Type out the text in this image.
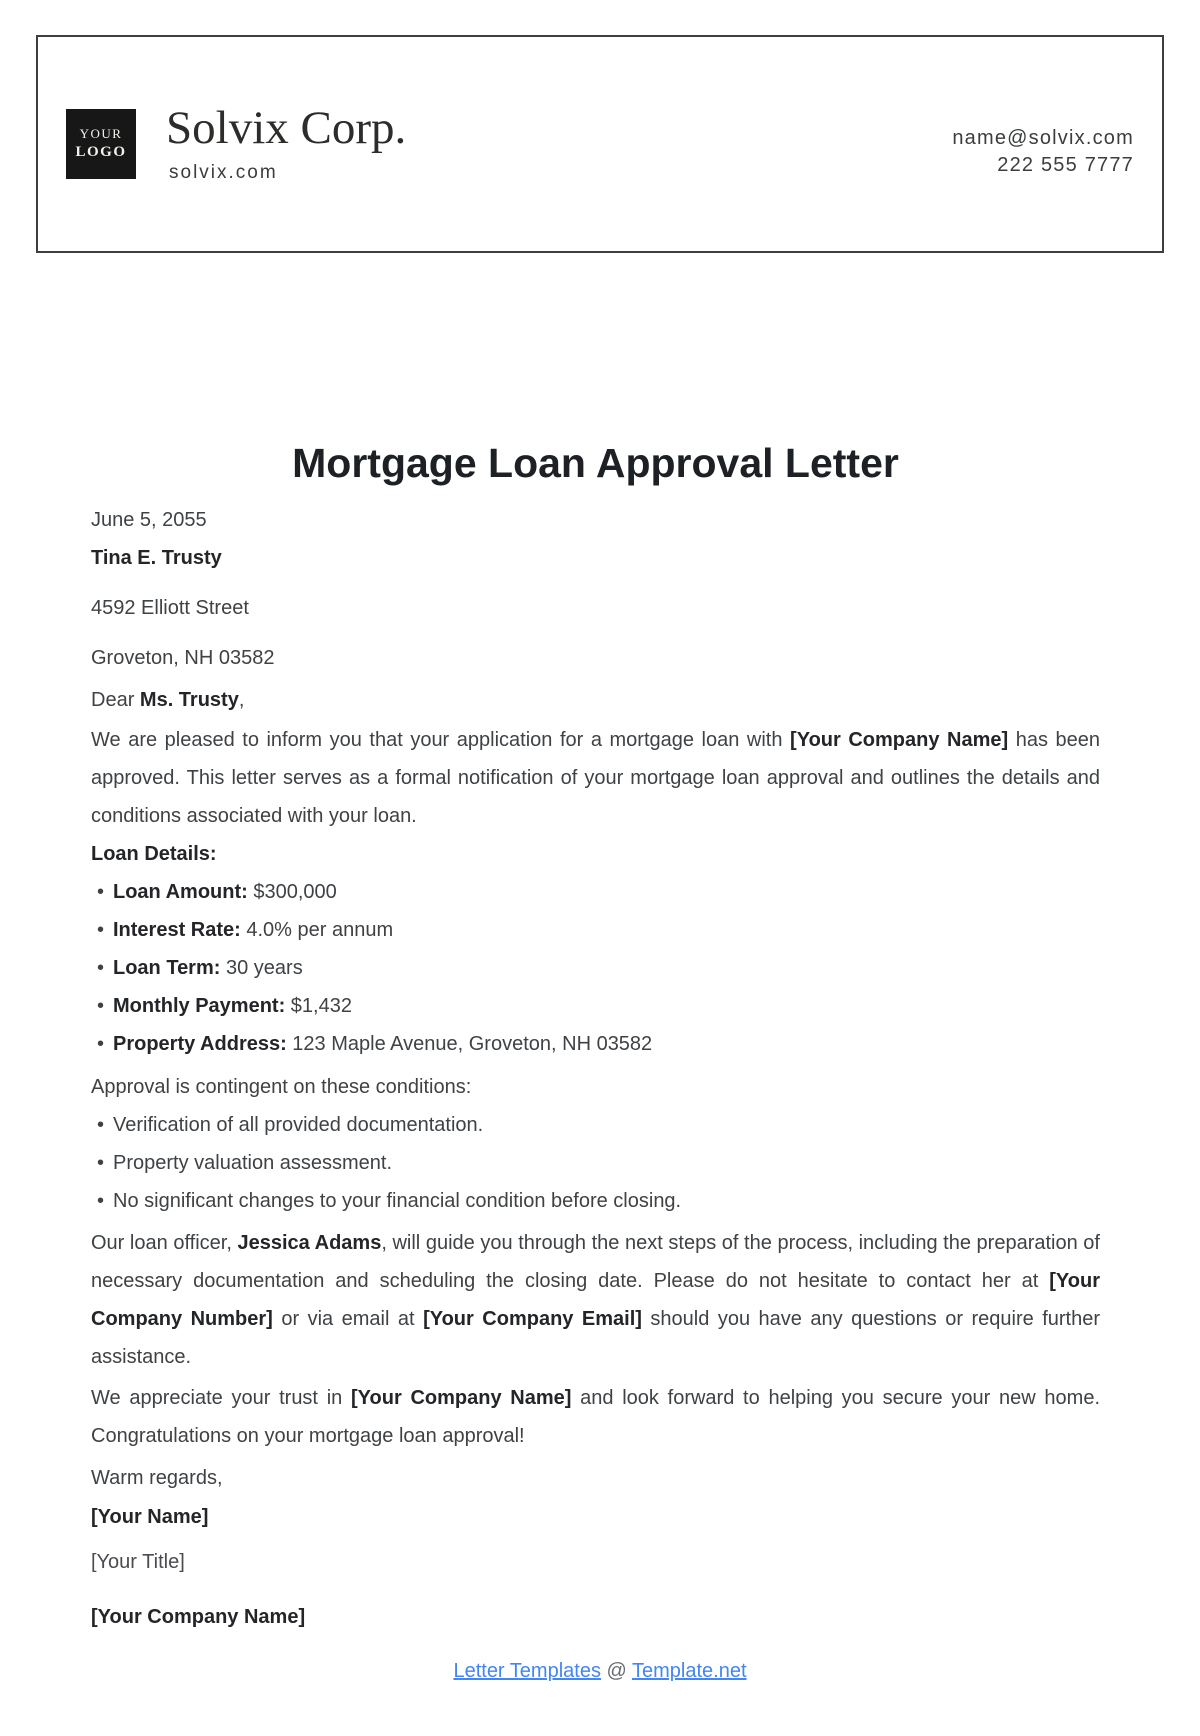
YOUR
LOGO Solvix Corp.
solvix.com
name@solvix.com
222 555 7777
Mortgage Loan Approval Letter

June 5, 2055

Tina E. Trusty

4592 Elliott Street

Groveton, NH 03582

Dear Ms. Trusty,

We are pleased to inform you that your application for a mortgage loan with [Your Company Name] has been approved. This letter serves as a formal notification of your mortgage loan approval and outlines the details and conditions associated with your loan.

Loan Details:

• Loan Amount: $300,000
• Interest Rate: 4.0% per annum
• Loan Term: 30 years
• Monthly Payment: $1,432
• Property Address: 123 Maple Avenue, Groveton, NH 03582

Approval is contingent on these conditions:

• Verification of all provided documentation.
• Property valuation assessment.
• No significant changes to your financial condition before closing.

Our loan officer, Jessica Adams, will guide you through the next steps of the process, including the preparation of necessary documentation and scheduling the closing date. Please do not hesitate to contact her at [Your Company Number] or via email at [Your Company Email] should you have any questions or require further assistance.

We appreciate your trust in [Your Company Name] and look forward to helping you secure your new home. Congratulations on your mortgage loan approval!

Warm regards,

[Your Name]

[Your Title]

[Your Company Name]

Letter Templates @ Template.net
